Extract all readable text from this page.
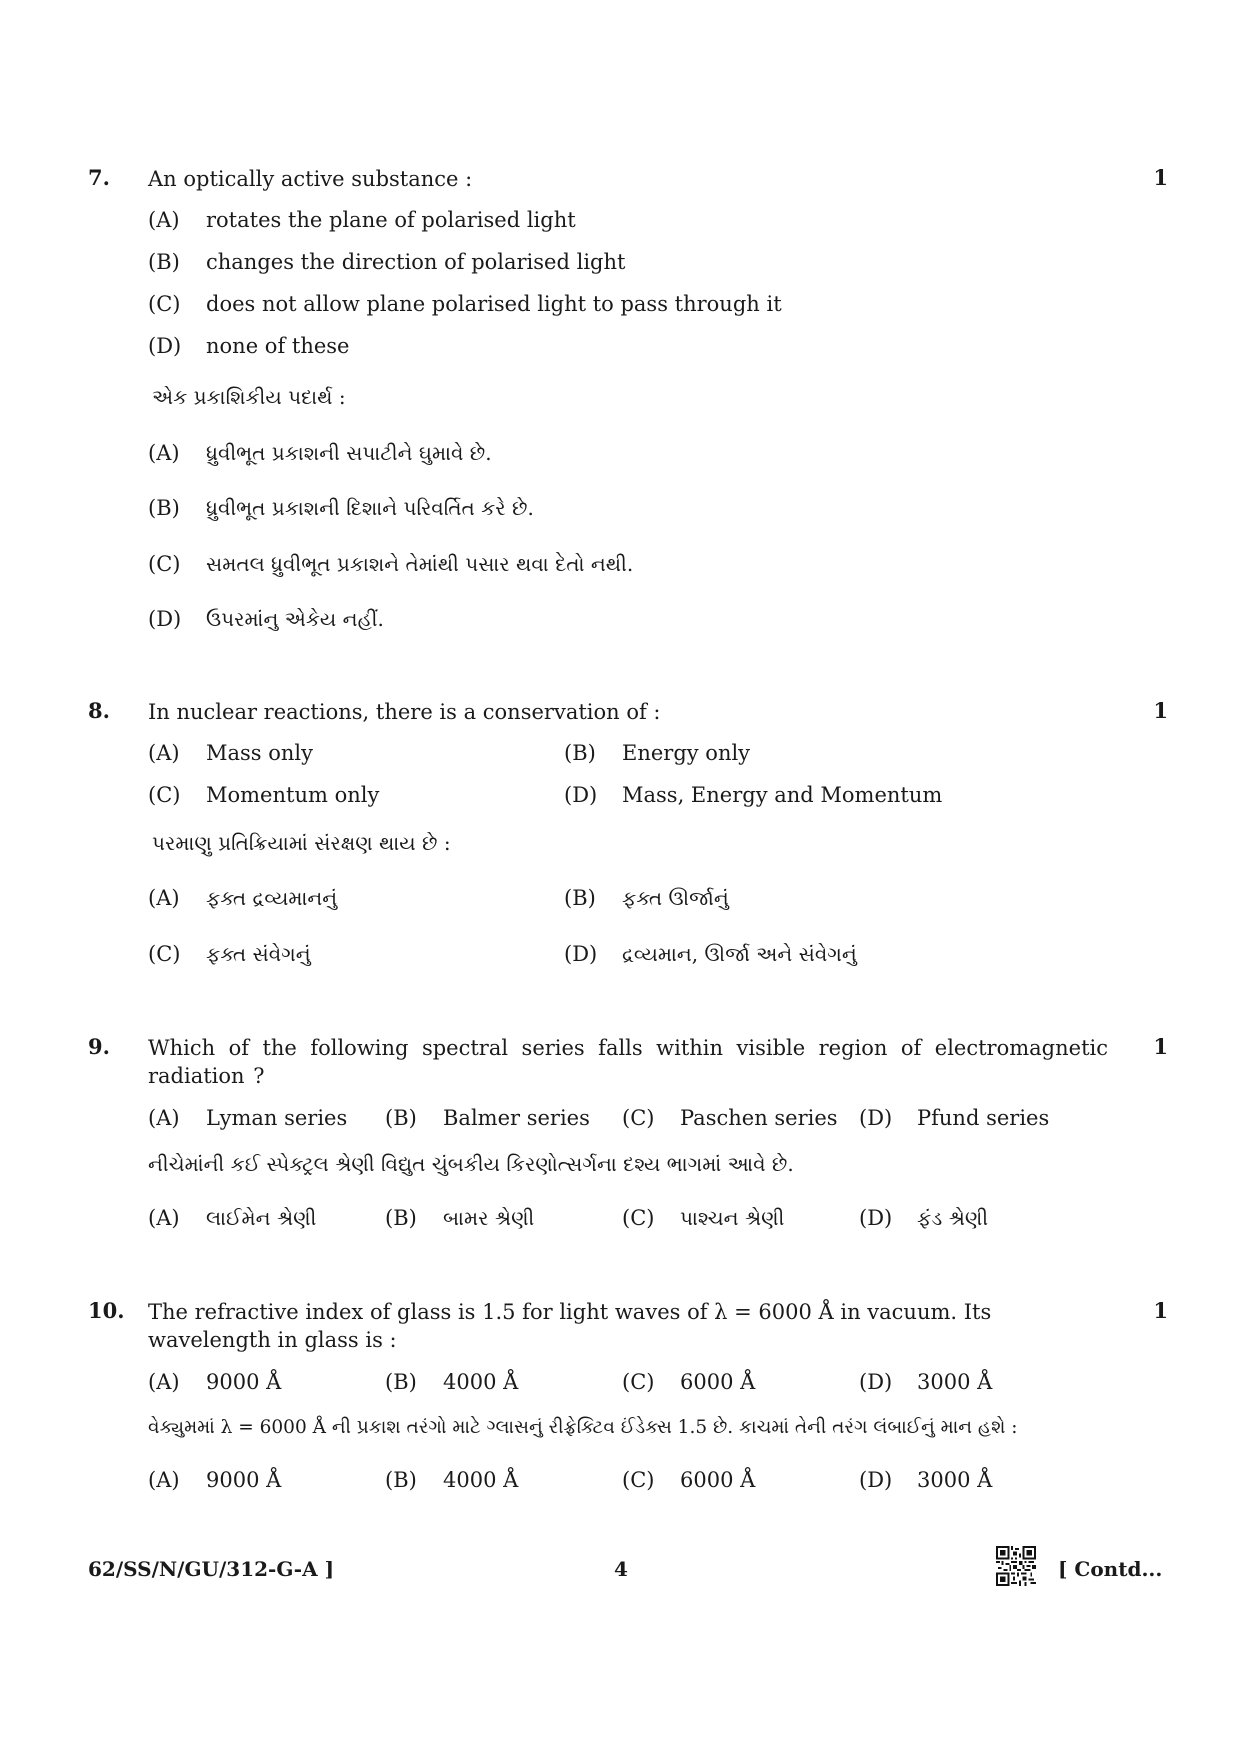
7. An optically active substance :	1
(A) rotates the plane of polarised light
(B) changes the direction of polarised light
(C) does not allow plane polarised light to pass through it
(D) none of these
એક પ્રકાશિકીય પદાર્થ :
(A) ધ્રુવીભૂત પ્રકાશની સપાટીને ઘુમાવે છે.
(B) ધ્રુવીભૂત પ્રકાશની દિશાને પરિવર્તિત કરે છે.
(C) સમતલ ધ્રુવીભૂત પ્રકાશને તેમાંથી પસાર થવા દેતો નથી.
(D) ઉપરમાંનુ એકેય નહીં.
8. In nuclear reactions, there is a conservation of :	1
(A) Mass only	(B) Energy only
(C) Momentum only	(D) Mass, Energy and Momentum
પરમાણુ પ્રતિક્રિયામાં સંરક્ષણ થાય છે :
(A) ફક્ત દ્રવ્યમાનનું	(B) ફક્ત ઊર્જાનું
(C) ફક્ત સંવેગનું	(D) દ્રવ્યમાન, ઊર્જા અને સંવેગનું
9. Which of the following spectral series falls within visible region of electromagnetic radiation ?
1
(A) Lyman series (B) Balmer series (C) Paschen series (D) Pfund series
નીચેમાંની કઈ સ્પેક્ટ્રલ શ્રેણી વિદ્યુત ચુંબકીય કિરણોત્સર્ગના દશ્ય ભાગમાં આવે છે.
(A) લાઈમેન શ્રેણી	(B) બામર શ્રેણી	(C) પાશ્ચન શ્રેણી	(D) ફંડ શ્રેણી
10. The refractive index of glass is 1.5 for light waves of λ = 6000 Å in vacuum. Its wavelength in glass is :
1
(A) 9000 Å	(B) 4000 Å	(C) 6000 Å	(D) 3000 Å
વેક્યુમમાં λ = 6000 Å ની પ્રકાશ તરંગો માટે ગ્લાસનું રીફ્રેક્ટિવ ઈંડેક્સ 1.5 છે. કાચમાં તેની તરંગ લંબાઈનું માન હશે :
(A) 9000 Å	(B) 4000 Å	(C) 6000 Å	(D) 3000 Å
62/SS/N/GU/312-G-A ]	4	[ Contd...
